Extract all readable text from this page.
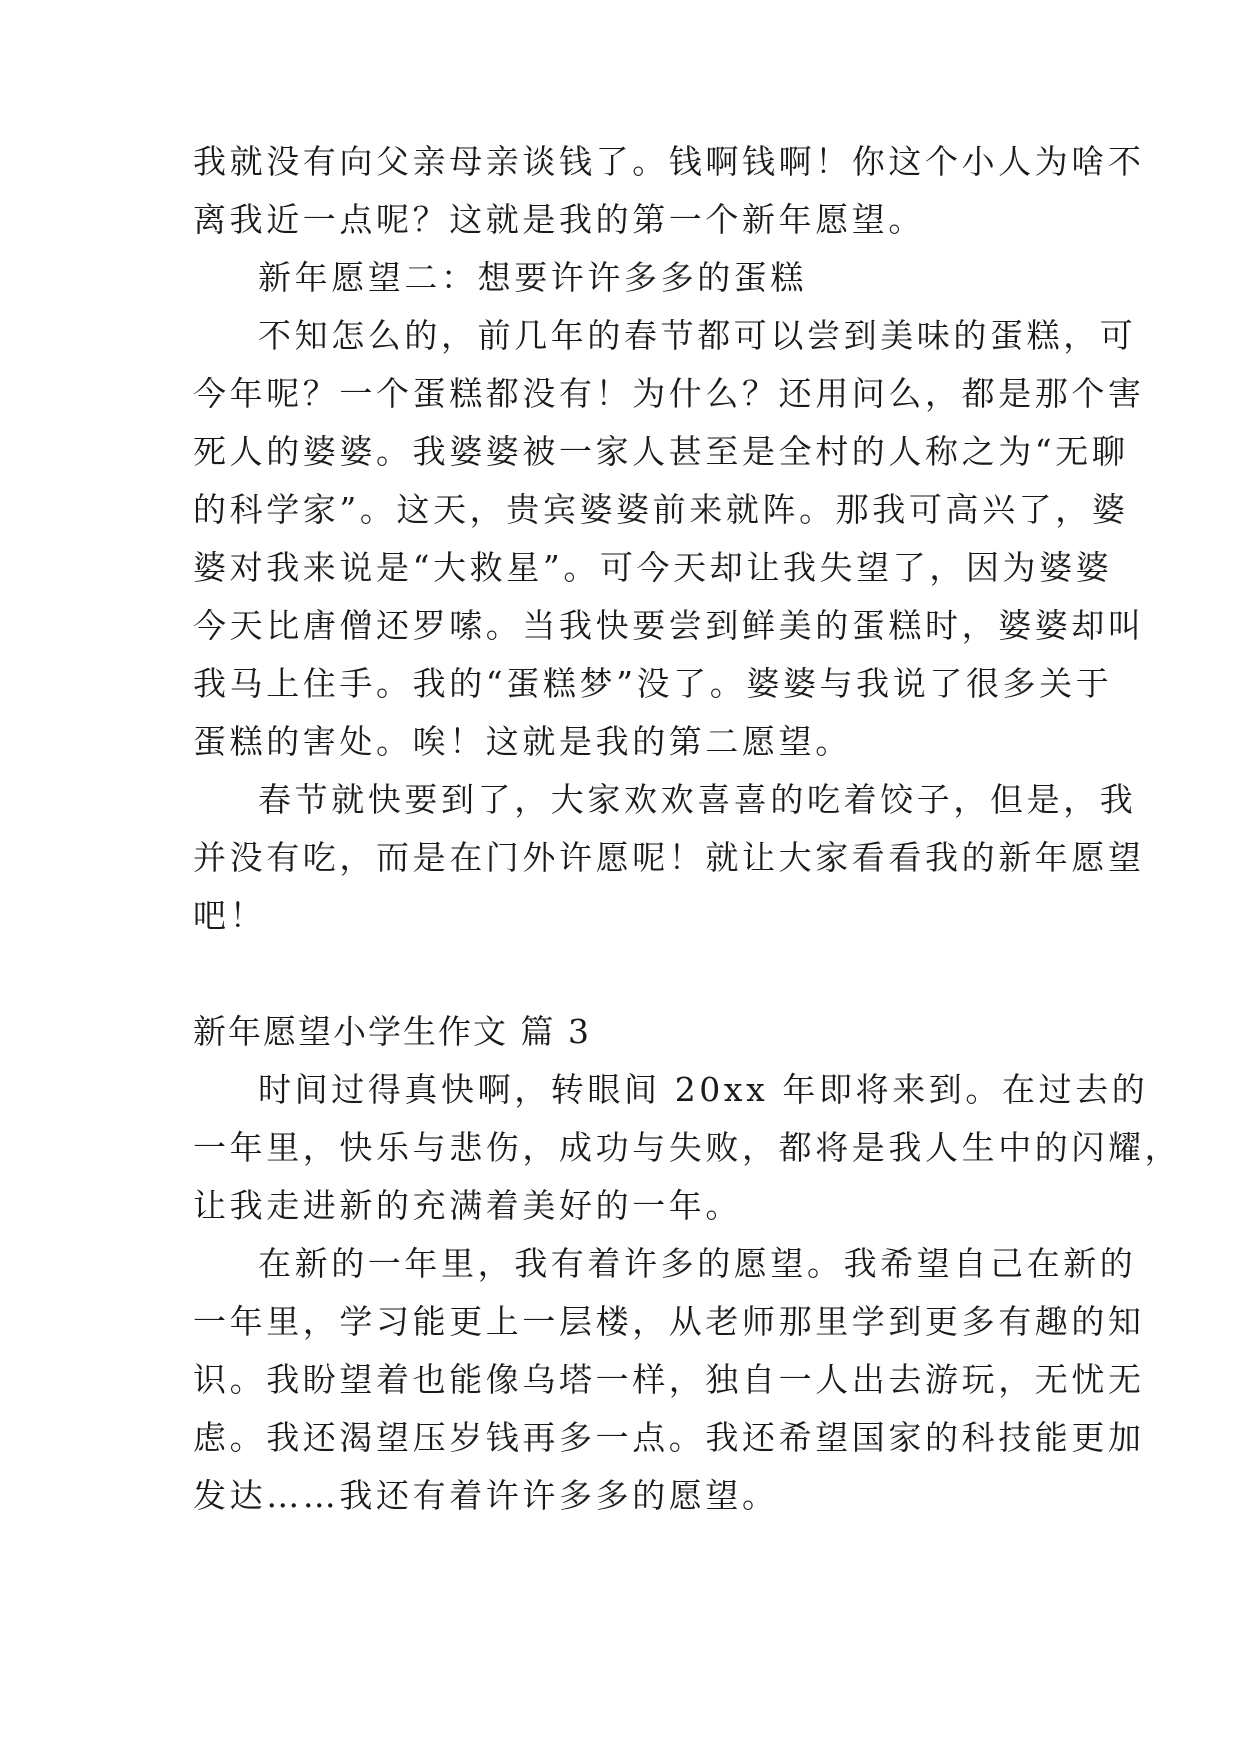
我就没有向父亲母亲谈钱了。钱啊钱啊！你这个小人为啥不

离我近一点呢？这就是我的第一个新年愿望。

新年愿望二：想要许许多多的蛋糕

不知怎么的，前几年的春节都可以尝到美味的蛋糕，可

今年呢？一个蛋糕都没有！为什么？还用问么，都是那个害

死人的婆婆。我婆婆被一家人甚至是全村的人称之为“无聊

的科学家”。这天，贵宾婆婆前来就阵。那我可高兴了，婆

婆对我来说是“大救星”。可今天却让我失望了，因为婆婆

今天比唐僧还罗嗦。当我快要尝到鲜美的蛋糕时，婆婆却叫

我马上住手。我的“蛋糕梦”没了。婆婆与我说了很多关于

蛋糕的害处。唉！这就是我的第二愿望。

春节就快要到了，大家欢欢喜喜的吃着饺子，但是，我

并没有吃，而是在门外许愿呢！就让大家看看我的新年愿望

吧！

新年愿望小学生作文 篇 3

时间过得真快啊，转眼间 20xx 年即将来到。在过去的

一年里，快乐与悲伤，成功与失败，都将是我人生中的闪耀，

让我走进新的充满着美好的一年。

在新的一年里，我有着许多的愿望。我希望自己在新的

一年里，学习能更上一层楼，从老师那里学到更多有趣的知

识。我盼望着也能像乌塔一样，独自一人出去游玩，无忧无

虑。我还渴望压岁钱再多一点。我还希望国家的科技能更加

发达……我还有着许许多多的愿望。
